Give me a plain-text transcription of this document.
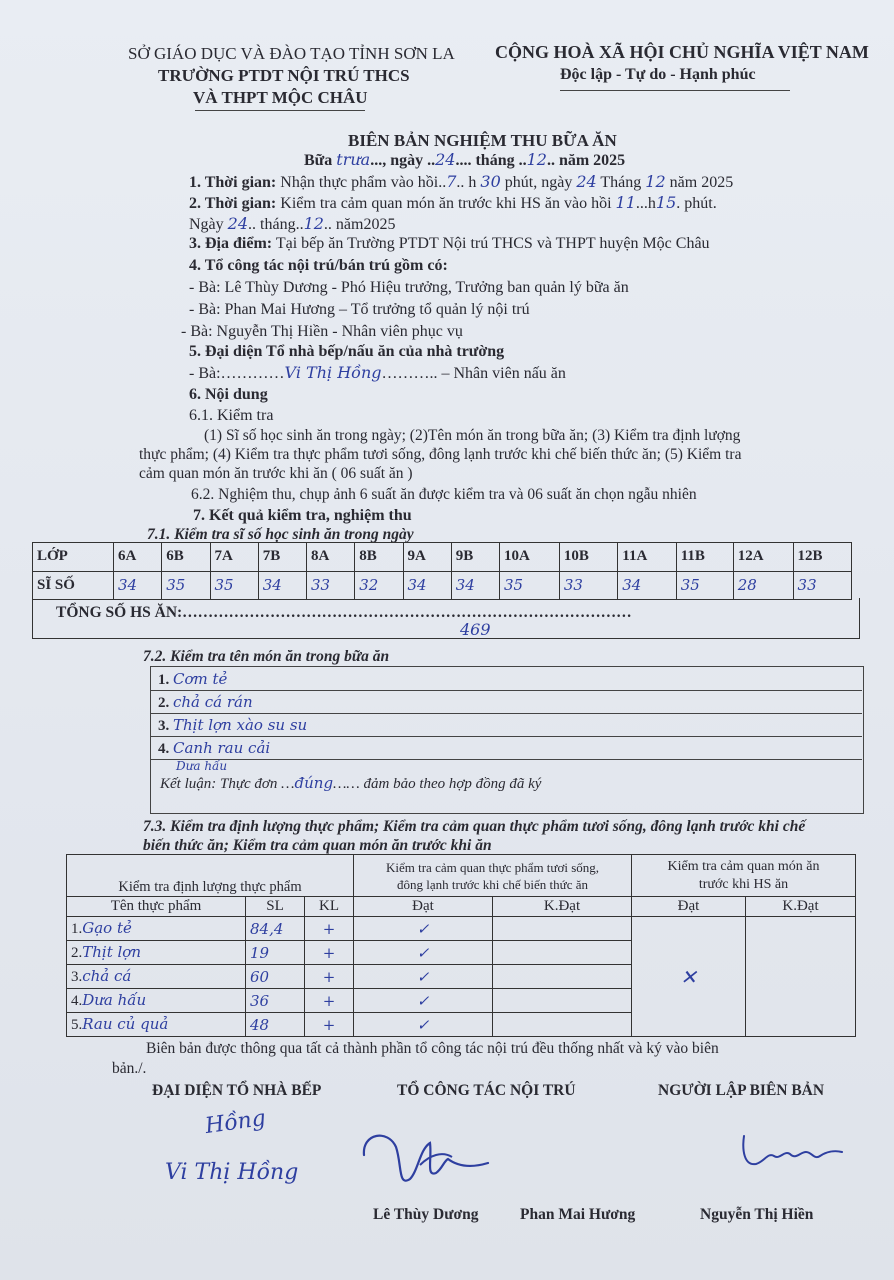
SỞ GIÁO DỤC VÀ ĐÀO TẠO TỈNH SƠN LA
TRƯỜNG PTDT NỘI TRÚ THCS
VÀ THPT MỘC CHÂU
CỘNG HOÀ XÃ HỘI CHỦ NGHĨA VIỆT NAM
Độc lập - Tự do - Hạnh phúc
BIÊN BẢN NGHIỆM THU BỮA ĂN
Bữa trưa..., ngày ..24.... tháng ..12.. năm 2025
1. Thời gian: Nhận thực phẩm vào hồi..7.. h 30 phút, ngày 24 Tháng 12 năm 2025
2. Thời gian: Kiểm tra cảm quan món ăn trước khi HS ăn vào hồi 11...h15. phút.
Ngày 24.. tháng..12.. năm2025
3. Địa điểm: Tại bếp ăn Trường PTDT Nội trú THCS và THPT huyện Mộc Châu
4. Tổ công tác nội trú/bán trú gồm có:
- Bà: Lê Thùy Dương - Phó Hiệu trưởng, Trưởng ban quản lý bữa ăn
- Bà: Phan Mai Hương – Tổ trưởng tổ quản lý nội trú
- Bà: Nguyễn Thị Hiền - Nhân viên phục vụ
5. Đại diện Tổ nhà bếp/nấu ăn của nhà trường
- Bà:…………Vi Thị Hồng……….. – Nhân viên nấu ăn
6. Nội dung
6.1. Kiểm tra
(1) Sĩ số học sinh ăn trong ngày; (2)Tên món ăn trong bữa ăn; (3) Kiểm tra định lượng
thực phẩm; (4) Kiểm tra thực phẩm tươi sống, đông lạnh trước khi chế biến thức ăn; (5) Kiểm tra
cảm quan món ăn trước khi ăn ( 06 suất ăn )
6.2. Nghiệm thu, chụp ảnh 6 suất ăn được kiểm tra và 06 suất ăn chọn ngẫu nhiên
7. Kết quả kiểm tra, nghiệm thu
7.1. Kiểm tra sĩ số học sinh ăn trong ngày
LỚP	6A	6B	7A	7B	8A	8B	9A	9B	10A	10B	11A	11B	12A	12B
SĨ SỐ	34	35	35	34	33	32	34	34	35	33	34	35	28	33
TỔNG SỐ HS ĂN:……………………………………………………………………………
469
7.2. Kiểm tra tên món ăn trong bữa ăn
1. Cơm tẻ
2. chả cá rán
3. Thịt lợn xào su su
4. Canh rau cải
Dưa hấu
Kết luận: Thực đơn …đúng…… đảm bảo theo hợp đồng đã ký
7.3. Kiểm tra định lượng thực phẩm; Kiểm tra cảm quan thực phẩm tươi sống, đông lạnh trước khi chế
biến thức ăn; Kiểm tra cảm quan món ăn trước khi ăn
Kiểm tra định lượng thực phẩm			Kiểm tra cảm quan thực phẩm tươi sống,
đông lạnh trước khi chế biến thức ăn		Kiểm tra cảm quan món ăn
trước khi HS ăn	
Tên thực phẩm	SL	KL	Đạt	K.Đạt	Đạt	K.Đạt
1.Gạo tẻ	84,4	+	✓		✕	
2.Thịt lợn	19	+	✓			
3.chả cá	60	+	✓			
4.Dưa hấu	36	+	✓			
5.Rau củ quả	48	+	✓			
Biên bản được thông qua tất cả thành phần tổ công tác nội trú đều thống nhất và ký vào biên
bản./.
ĐẠI DIỆN TỔ NHÀ BẾP	TỔ CÔNG TÁC NỘI TRÚ	NGƯỜI LẬP BIÊN BẢN
Hồng
Vi Thị Hồng
Lê Thùy Dương	Phan Mai Hương	Nguyễn Thị Hiền
